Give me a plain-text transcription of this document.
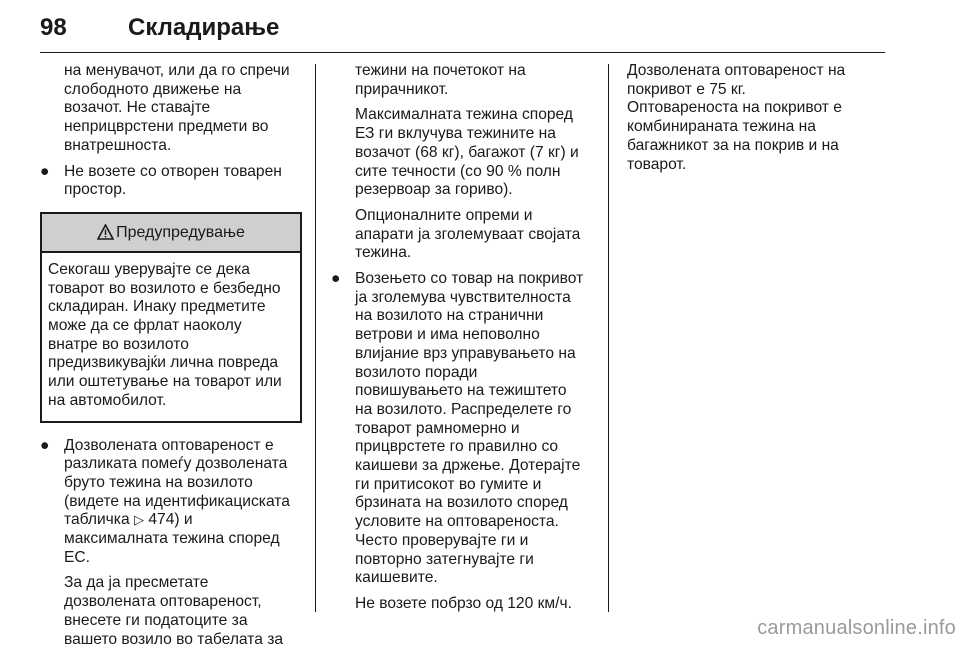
98	Складирање

на менувачот, или да го спречи
слободното движење на
возачот. Не ставајте
неприцврстени предмети во
внатрешноста.

● Не возете со отворен товарен
простор.
Предупредување
Секогаш уверувајте се дека
товарот во возилото е безбедно
складиран. Инаку предметите
може да се фрлат наоколу
внатре во возилото
предизвикувајќи лична повреда
или оштетување на товарот или
на автомобилот.
● Дозволената оптовареност е
разликата помеѓу дозволената
бруто тежина на возилото
(видете на идентификациската
табличка ▷ 474) и
максималната тежина според
ЕС.

За да ја пресметате
дозволената оптовареност,
внесете ги податоците за
вашето возило во табелата за

тежини на почетокот на
прирачникот.

Максималната тежина според
ЕЗ ги вклучува тежините на
возачот (68 кг), багажот (7 кг) и
сите течности (со 90 % полн
резервоар за гориво).

Опционалните опреми и
апарати ја зголемуваат својата
тежина.

● Возењето со товар на покривот
ја зголемува чувствителноста
на возилото на странични
ветрови и има неповолно
влијание врз управувањето на
возилото поради
повишувањето на тежиштето
на возилото. Распределете го
товарот рамномерно и
прицврстете го правилно со
каишеви за држење. Дотерајте
ги притисокот во гумите и
брзината на возилото според
условите на оптовареноста.
Често проверувајте ги и
повторно затегнувајте ги
каишевите.

Не возете побрзо од 120 км/ч.

Дозволената оптовареност на
покривот е 75 кг.
Оптовареноста на покривот е
комбинираната тежина на
багажникот за на покрив и на
товарот.

carmanualsonline.info
